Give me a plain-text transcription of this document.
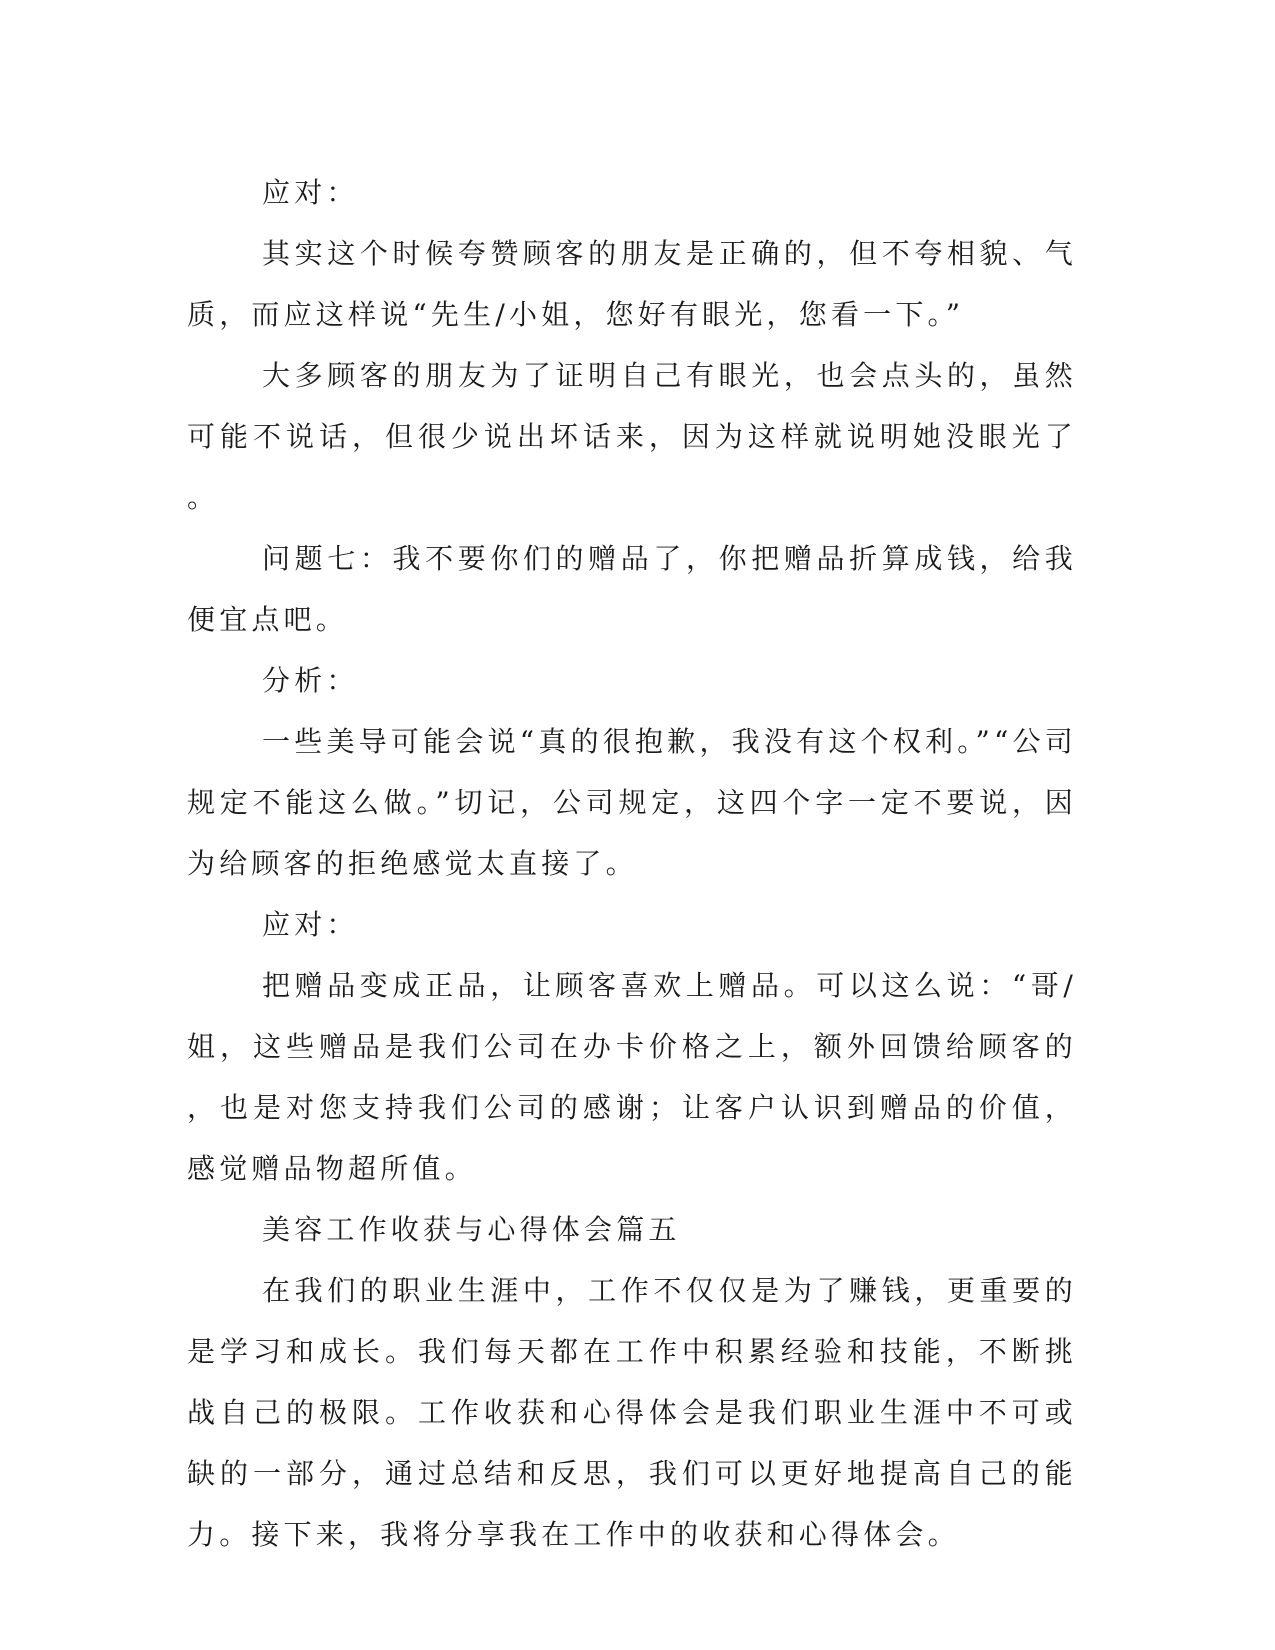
应对：

其实这个时候夸赞顾客的朋友是正确的，但不夸相貌、气质，而应这样说“先生/小姐，您好有眼光，您看一下。”

大多顾客的朋友为了证明自己有眼光，也会点头的，虽然可能不说话，但很少说出坏话来，因为这样就说明她没眼光了。

问题七：我不要你们的赠品了，你把赠品折算成钱，给我便宜点吧。

分析：

一些美导可能会说“真的很抱歉，我没有这个权利。”“公司规定不能这么做。”切记，公司规定，这四个字一定不要说，因为给顾客的拒绝感觉太直接了。

应对：

把赠品变成正品，让顾客喜欢上赠品。可以这么说：“哥/姐，这些赠品是我们公司在办卡价格之上，额外回馈给顾客的，也是对您支持我们公司的感谢；让客户认识到赠品的价值，感觉赠品物超所值。

美容工作收获与心得体会篇五

在我们的职业生涯中，工作不仅仅是为了赚钱，更重要的是学习和成长。我们每天都在工作中积累经验和技能，不断挑战自己的极限。工作收获和心得体会是我们职业生涯中不可或缺的一部分，通过总结和反思，我们可以更好地提高自己的能力。接下来，我将分享我在工作中的收获和心得体会。
